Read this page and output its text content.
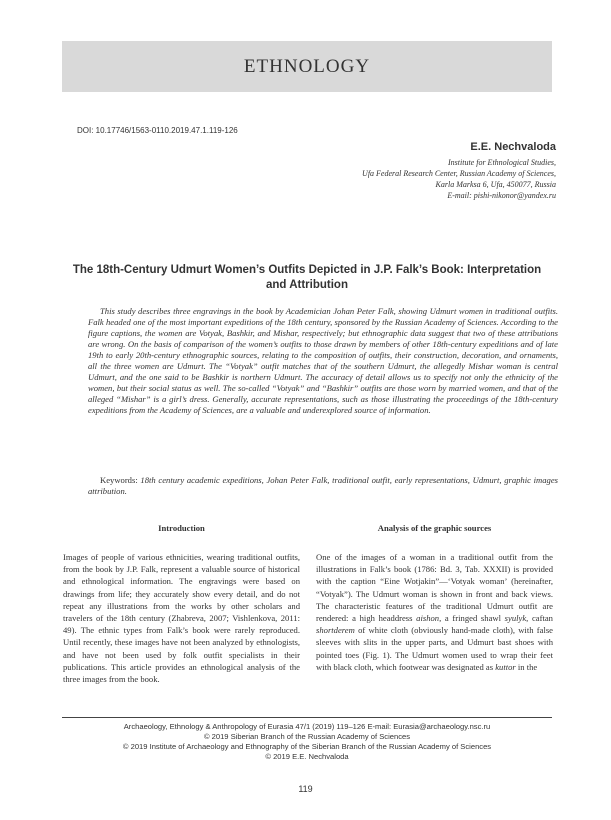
ETHNOLOGY
DOI: 10.17746/1563-0110.2019.47.1.119-126
E.E. Nechvaloda
Institute for Ethnological Studies,
Ufa Federal Research Center, Russian Academy of Sciences,
Karla Marksa 6, Ufa, 450077, Russia
E-mail: pishi-nikonor@yandex.ru
The 18th-Century Udmurt Women’s Outfits Depicted in J.P. Falk’s Book: Interpretation and Attribution
This study describes three engravings in the book by Academician Johan Peter Falk, showing Udmurt women in traditional outfits. Falk headed one of the most important expeditions of the 18th century, sponsored by the Russian Academy of Sciences. According to the figure captions, the women are Votyak, Bashkir, and Mishar, respectively; but ethnographic data suggest that two of these attributions are wrong. On the basis of comparison of the women’s outfits to those drawn by members of other 18th-century expeditions and of late 19th to early 20th-century ethnographic sources, relating to the composition of outfits, their construction, decoration, and ornaments, all the three women are Udmurt. The “Votyak” outfit matches that of the southern Udmurt, the allegedly Mishar woman is central Udmurt, and the one said to be Bashkir is northern Udmurt. The accuracy of detail allows us to specify not only the ethnicity of the women, but their social status as well. The so-called “Votyak” and “Bashkir” outfits are those worn by married women, and that of the alleged “Mishar” is a girl’s dress. Generally, accurate representations, such as those illustrating the proceedings of the 18th-century expeditions from the Academy of Sciences, are a valuable and underexplored source of information.
Keywords: 18th century academic expeditions, Johan Peter Falk, traditional outfit, early representations, Udmurt, graphic images attribution.
Introduction

Images of people of various ethnicities, wearing traditional outfits, from the book by J.P. Falk, represent a valuable source of historical and ethnological information. The engravings were based on drawings from life; they accurately show every detail, and do not repeat any illustrations from the works by other scholars and travelers of the 18th century (Zhabreva, 2007; Vishlenkova, 2011: 49). The ethnic types from Falk’s book were rarely reproduced. Until recently, these images have not been analyzed by ethnologists, and have not been used by folk outfit specialists in their publications. This article provides an ethnological analysis of the three images from the book.

Analysis of the graphic sources

One of the images of a woman in a traditional outfit from the illustrations in Falk’s book (1786: Bd. 3, Tab. XXXII) is provided with the caption “Eine Wotjakin”—‘Votyak woman’ (hereinafter, “Votyak”). The Udmurt woman is shown in front and back views. The characteristic features of the traditional Udmurt outfit are rendered: a high headdress aishon, a fringed shawl syulyk, caftan shortderem of white cloth (obviously hand-made cloth), with false sleeves with slits in the upper parts, and Udmurt bast shoes with pointed toes (Fig. 1). The Udmurt women used to wrap their feet with black cloth, which footwear was designated as kuttor in the

Archaeology, Ethnology & Anthropology of Eurasia 47/1 (2019) 119–126 E-mail: Eurasia@archaeology.nsc.ru
© 2019 Siberian Branch of the Russian Academy of Sciences
© 2019 Institute of Archaeology and Ethnography of the Siberian Branch of the Russian Academy of Sciences
© 2019 E.E. Nechvaloda
119
